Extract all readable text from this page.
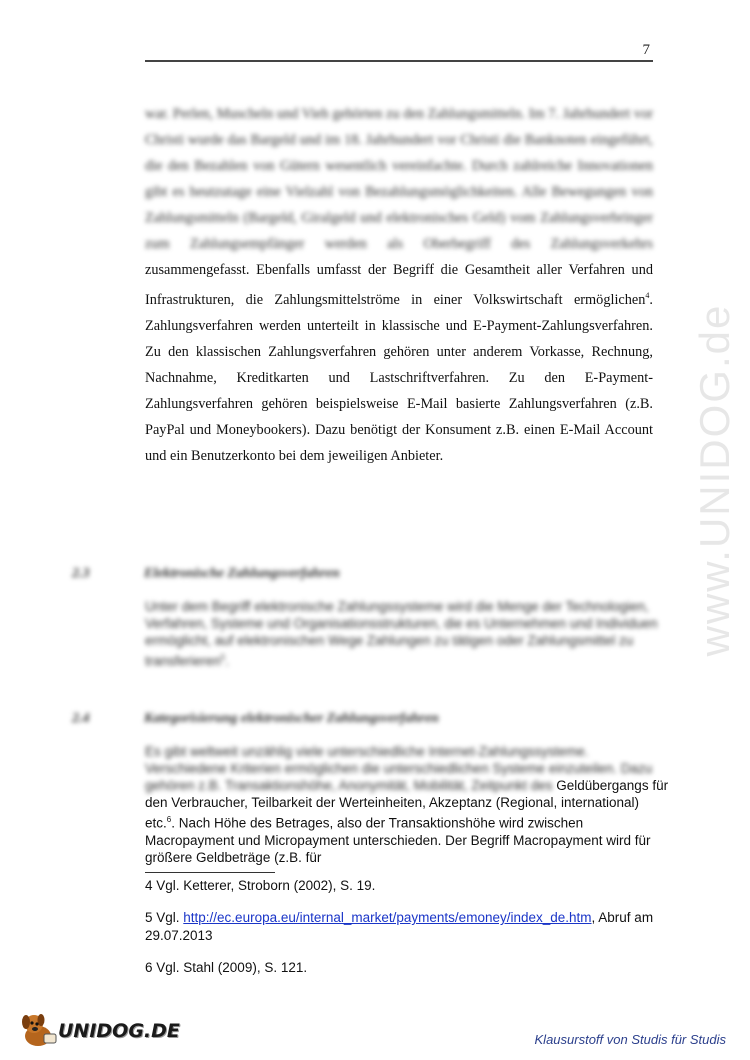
7

war. Perlen, Muscheln und Vieh gehörten zu den Zahlungsmitteln. Im 7. Jahrhundert vor Christi wurde das Bargeld und im 18. Jahrhundert vor Christi die Banknoten eingeführt, die den Bezahlen von Gütern wesentlich vereinfachte. Durch zahlreiche Innovationen gibt es heutzutage eine Vielzahl von Bezahlungsmöglichkeiten. Alle Bewegungen von Zahlungsmitteln (Bargeld, Giralgeld und elektronisches Geld) vom Zahlungsverbringer zum Zahlungsempfänger werden als Oberbegriff des Zahlungsverkehrs zusammengefasst. Ebenfalls umfasst der Begriff die Gesamtheit aller Verfahren und Infrastrukturen, die Zahlungsmittelströme in einer Volkswirtschaft ermöglichen$^4$. Zahlungsverfahren werden unterteilt in klassische und E-Payment-Zahlungsverfahren. Zu den klassischen Zahlungsverfahren gehören unter anderem Vorkasse, Rechnung, Nachnahme, Kreditkarten und Lastschriftverfahren. Zu den E-Payment-Zahlungsverfahren gehören beispielsweise E-Mail basierte Zahlungsverfahren (z.B. PayPal und Moneybookers). Dazu benötigt der Konsument z.B. einen E-Mail Account und ein Benutzerkonto bei dem jeweiligen Anbieter.

2.3	Elektronische Zahlungsverfahren

Unter dem Begriff elektronische Zahlungssysteme wird die Menge der Technologien, Verfahren, Systeme und Organisationsstrukturen, die es Unternehmen und Individuen ermöglicht, auf elektronischen Wege Zahlungen zu tätigen oder Zahlungsmittel zu transferieren$^5$.

2.4	Kategorisierung elektronischer Zahlungsverfahren

Es gibt weltweit unzählig viele unterschiedliche Internet-Zahlungssysteme. Verschiedene Kriterien ermöglichen die unterschiedlichen Systeme einzuteilen. Dazu gehören z.B. Transaktionshöhe, Anonymität, Mobilität, Zeitpunkt des Geldübergangs für den Verbraucher, Teilbarkeit der Werteinheiten, Akzeptanz (Regional, international) etc.$^6$. Nach Höhe des Betrages, also der Transaktionshöhe wird zwischen Macropayment und Micropayment unterschieden. Der Begriff Macropayment wird für größere Geldbeträge (z.B. für

4 Vgl. Ketterer, Stroborn (2002), S. 19.

5 Vgl. http://ec.europa.eu/internal_market/payments/emoney/index_de.htm, Abruf am 29.07.2013

6 Vgl. Stahl (2009), S. 121.

www.UNIDOG.de
UNIDOG.DE	Klausurstoff von Studis für Studis
